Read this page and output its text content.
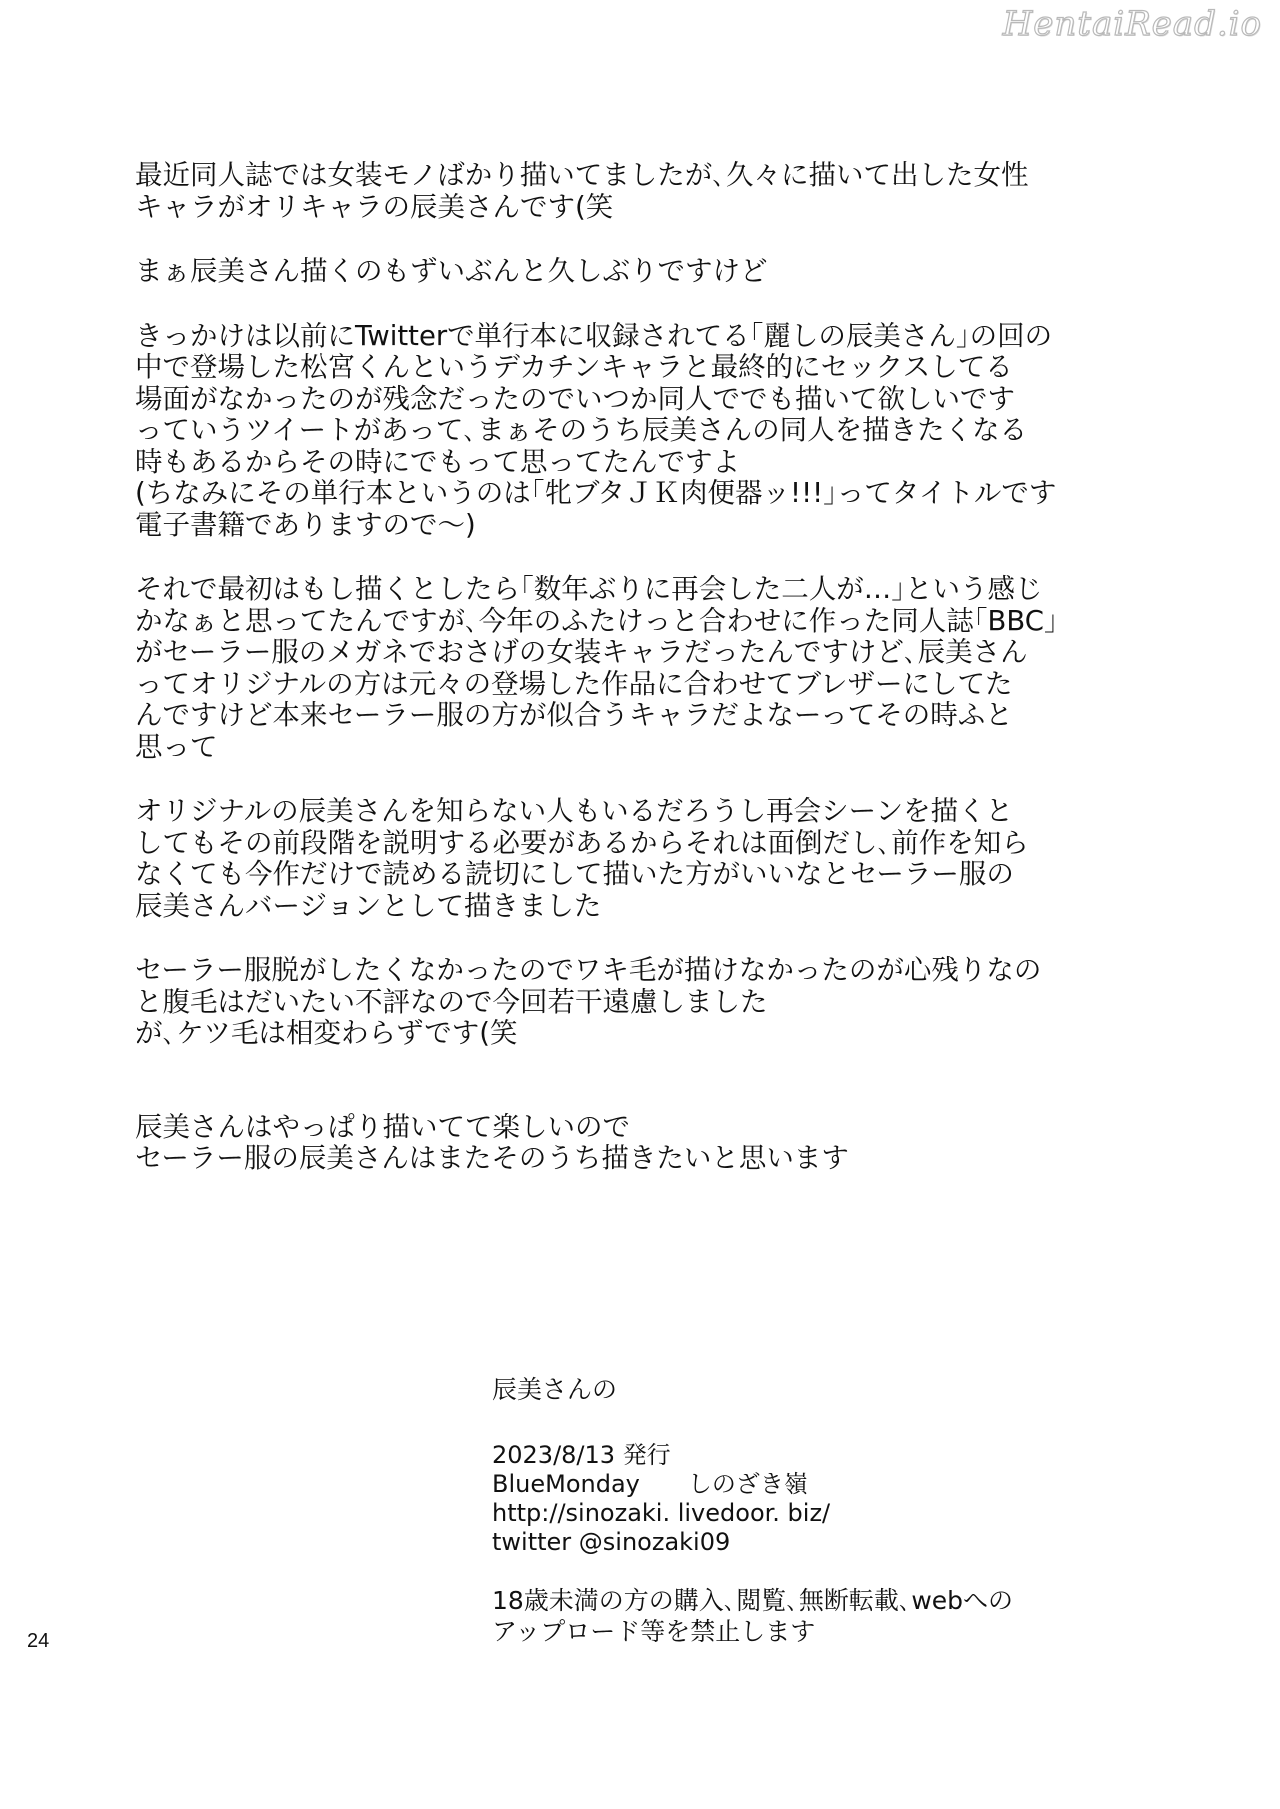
HentaiRead.io
最近同人誌では女装モノばかり描いてましたが､久々に描いて出した女性
キャラがオリキャラの辰美さんです(笑
まぁ辰美さん描くのもずいぶんと久しぶりですけど
きっかけは以前にTwitterで単行本に収録されてる｢麗しの辰美さん｣の回の
中で登場した松宮くんというデカチンキャラと最終的にセックスしてる
場面がなかったのが残念だったのでいつか同人ででも描いて欲しいです
っていうツイートがあって､まぁそのうち辰美さんの同人を描きたくなる
時もあるからその時にでもって思ってたんですよ
(ちなみにその単行本というのは｢牝ブタＪＫ肉便器ッ!!!｣ってタイトルです
電子書籍でありますので～)
それで最初はもし描くとしたら｢数年ぶりに再会した二人が…｣という感じ
かなぁと思ってたんですが､今年のふたけっと合わせに作った同人誌｢BBC｣
がセーラー服のメガネでおさげの女装キャラだったんですけど､辰美さん
ってオリジナルの方は元々の登場した作品に合わせてブレザーにしてた
んですけど本来セーラー服の方が似合うキャラだよなーってその時ふと
思って
オリジナルの辰美さんを知らない人もいるだろうし再会シーンを描くと
してもその前段階を説明する必要があるからそれは面倒だし､前作を知ら
なくても今作だけで読める読切にして描いた方がいいなとセーラー服の
辰美さんバージョンとして描きました
セーラー服脱がしたくなかったのでワキ毛が描けなかったのが心残りなの
と腹毛はだいたい不評なので今回若干遠慮しました
が､ケツ毛は相変わらずです(笑
辰美さんはやっぱり描いてて楽しいので
セーラー服の辰美さんはまたそのうち描きたいと思います
辰美さんの
2023/8/13 発行
BlueMonday　　しのざき嶺
http://sinozaki. livedoor. biz/
twitter @sinozaki09
18歳未満の方の購入､閲覧､無断転載､webへの
アップロード等を禁止します
24
